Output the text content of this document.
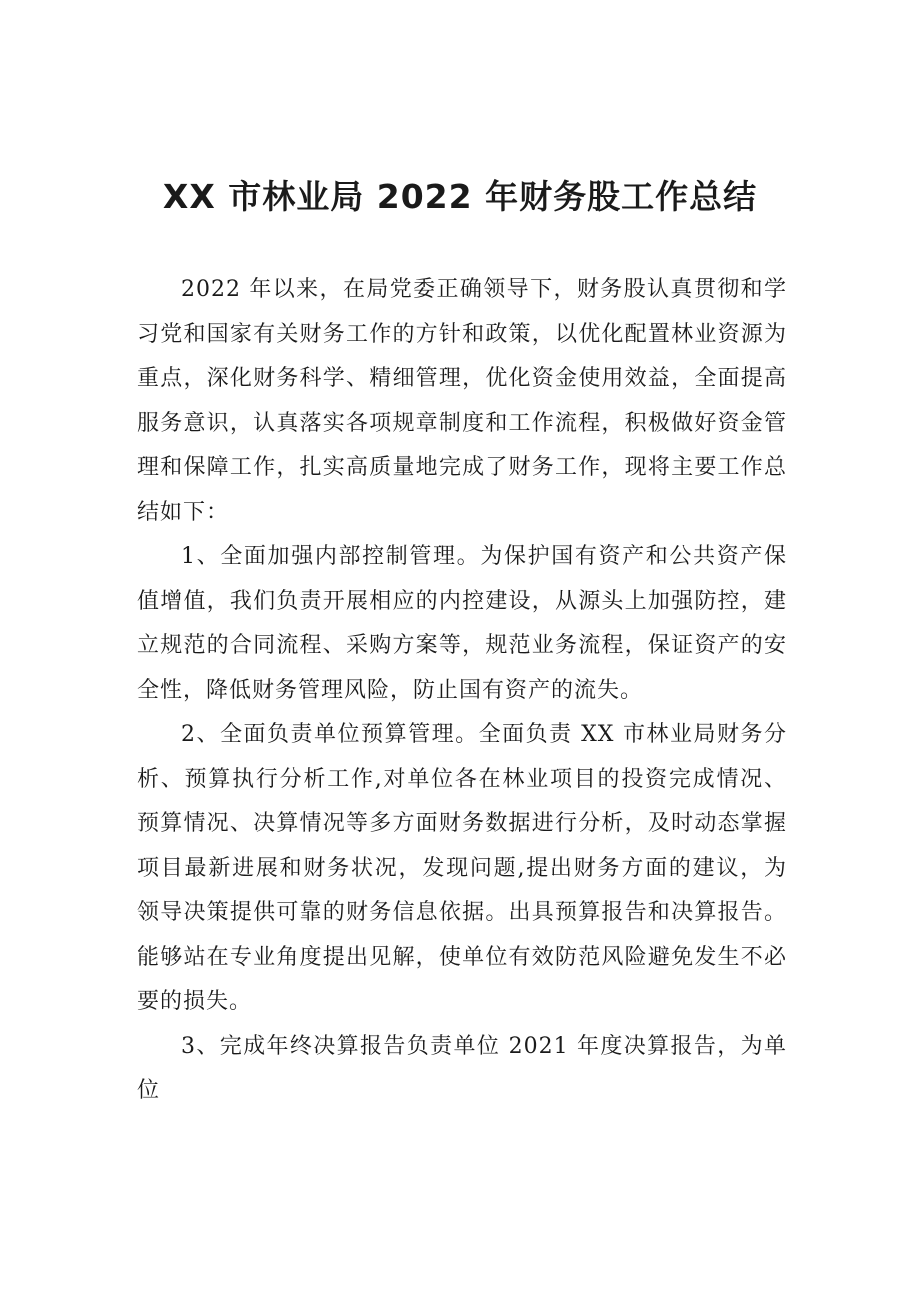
XX 市林业局 2022 年财务股工作总结

2022 年以来，在局党委正确领导下，财务股认真贯彻和学习党和国家有关财务工作的方针和政策，以优化配置林业资源为重点，深化财务科学、精细管理，优化资金使用效益，全面提高服务意识，认真落实各项规章制度和工作流程，积极做好资金管理和保障工作，扎实高质量地完成了财务工作，现将主要工作总结如下：

1、全面加强内部控制管理。为保护国有资产和公共资产保值增值，我们负责开展相应的内控建设，从源头上加强防控，建立规范的合同流程、采购方案等，规范业务流程，保证资产的安全性，降低财务管理风险，防止国有资产的流失。

2、全面负责单位预算管理。全面负责 XX 市林业局财务分析、预算执行分析工作,对单位各在林业项目的投资完成情况、预算情况、决算情况等多方面财务数据进行分析，及时动态掌握项目最新进展和财务状况，发现问题,提出财务方面的建议，为领导决策提供可靠的财务信息依据。出具预算报告和决算报告。能够站在专业角度提出见解，使单位有效防范风险避免发生不必要的损失。

3、完成年终决算报告负责单位 2021 年度决算报告，为单位
